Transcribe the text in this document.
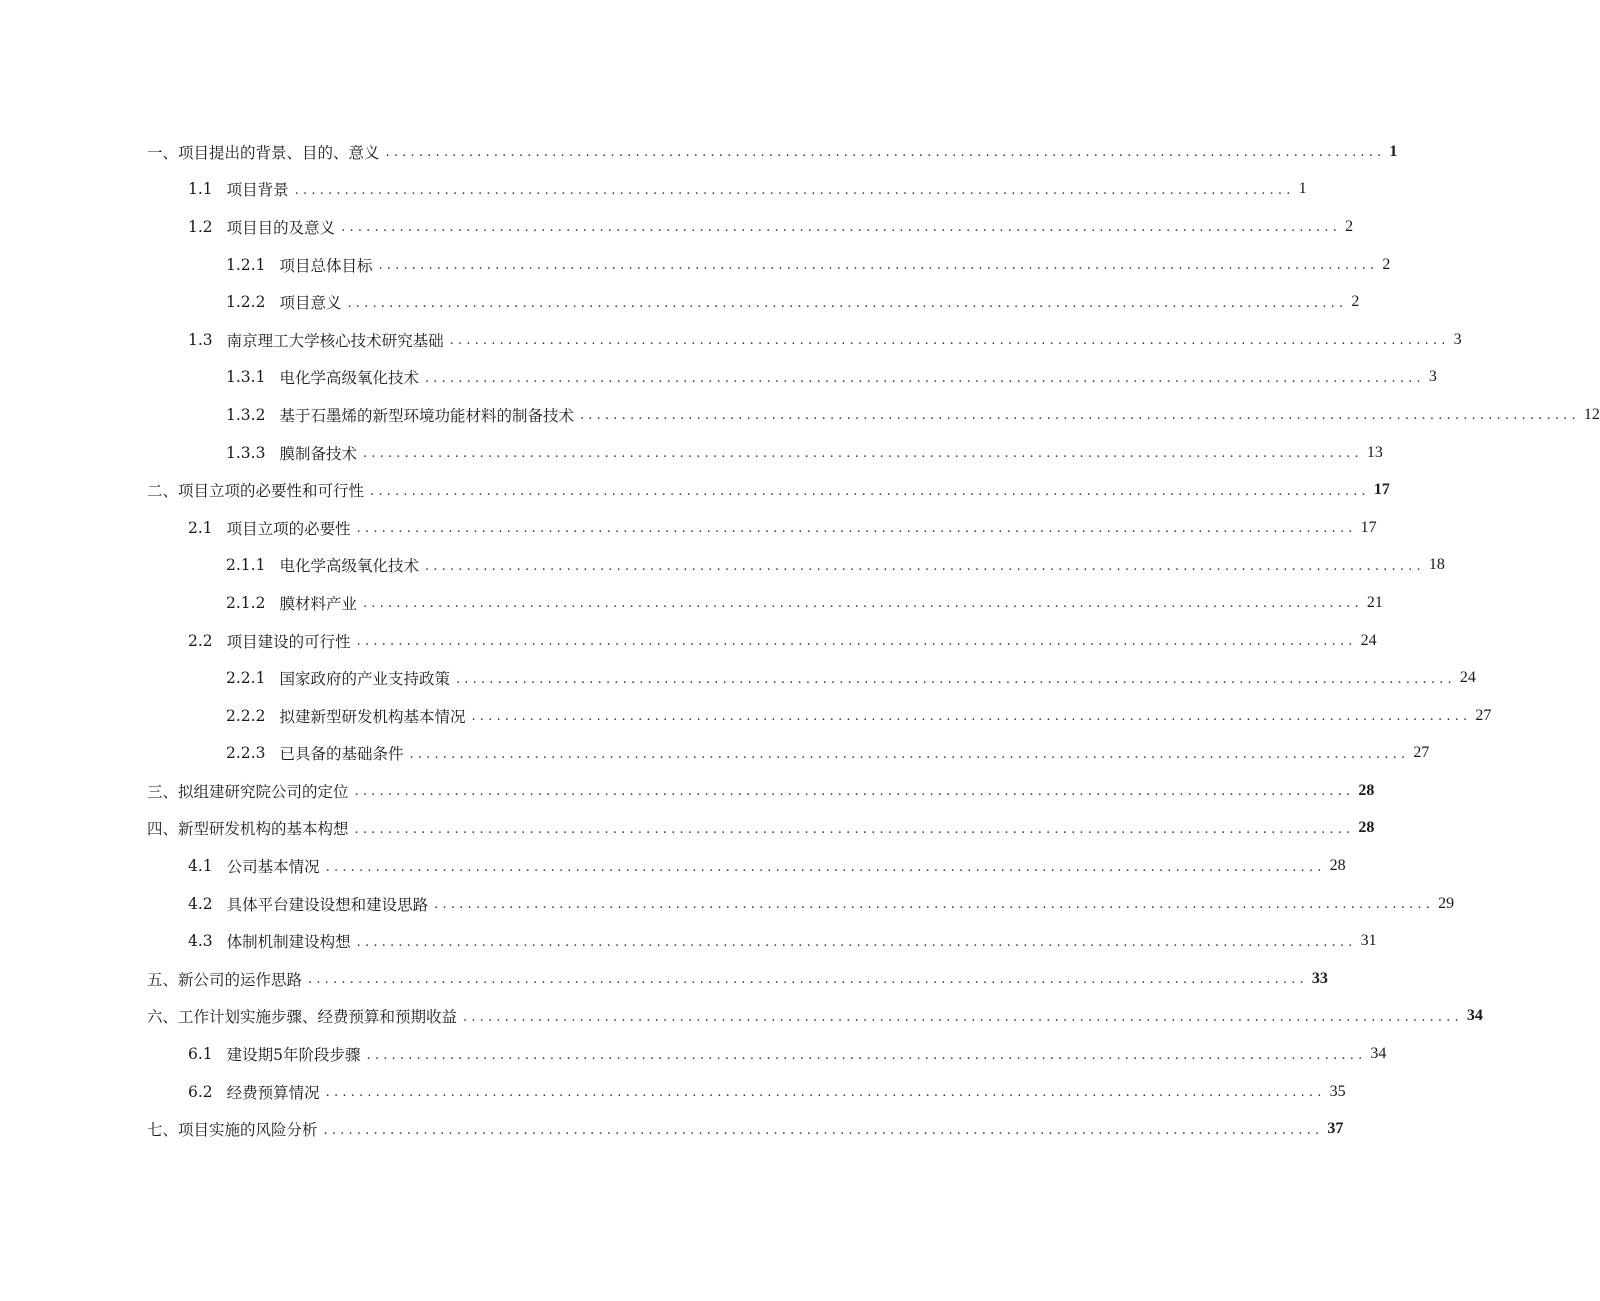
一、项目提出的背景、目的、意义 ........................................................................................................................ 1
1.1 项目背景 ........................................................................................................................ 1
1.2 项目目的及意义 ........................................................................................................................ 2
1.2.1 项目总体目标 ........................................................................................................................ 2
1.2.2 项目意义 ........................................................................................................................ 2
1.3 南京理工大学核心技术研究基础 ........................................................................................................................ 3
1.3.1 电化学高级氧化技术 ........................................................................................................................ 3
1.3.2 基于石墨烯的新型环境功能材料的制备技术 ........................................................................................................................ 12
1.3.3 膜制备技术 ........................................................................................................................ 13
二、项目立项的必要性和可行性 ........................................................................................................................ 17
2.1 项目立项的必要性 ........................................................................................................................ 17
2.1.1 电化学高级氧化技术 ........................................................................................................................ 18
2.1.2 膜材料产业 ........................................................................................................................ 21
2.2 项目建设的可行性 ........................................................................................................................ 24
2.2.1 国家政府的产业支持政策 ........................................................................................................................ 24
2.2.2 拟建新型研发机构基本情况 ........................................................................................................................ 27
2.2.3 已具备的基础条件 ........................................................................................................................ 27
三、拟组建研究院公司的定位 ........................................................................................................................ 28
四、新型研发机构的基本构想 ........................................................................................................................ 28
4.1 公司基本情况 ........................................................................................................................ 28
4.2 具体平台建设设想和建设思路 ........................................................................................................................ 29
4.3 体制机制建设构想 ........................................................................................................................ 31
五、新公司的运作思路 ........................................................................................................................ 33
六、工作计划实施步骤、经费预算和预期收益 ........................................................................................................................ 34
6.1 建设期5年阶段步骤 ........................................................................................................................ 34
6.2 经费预算情况 ........................................................................................................................ 35
七、项目实施的风险分析 ........................................................................................................................ 37
